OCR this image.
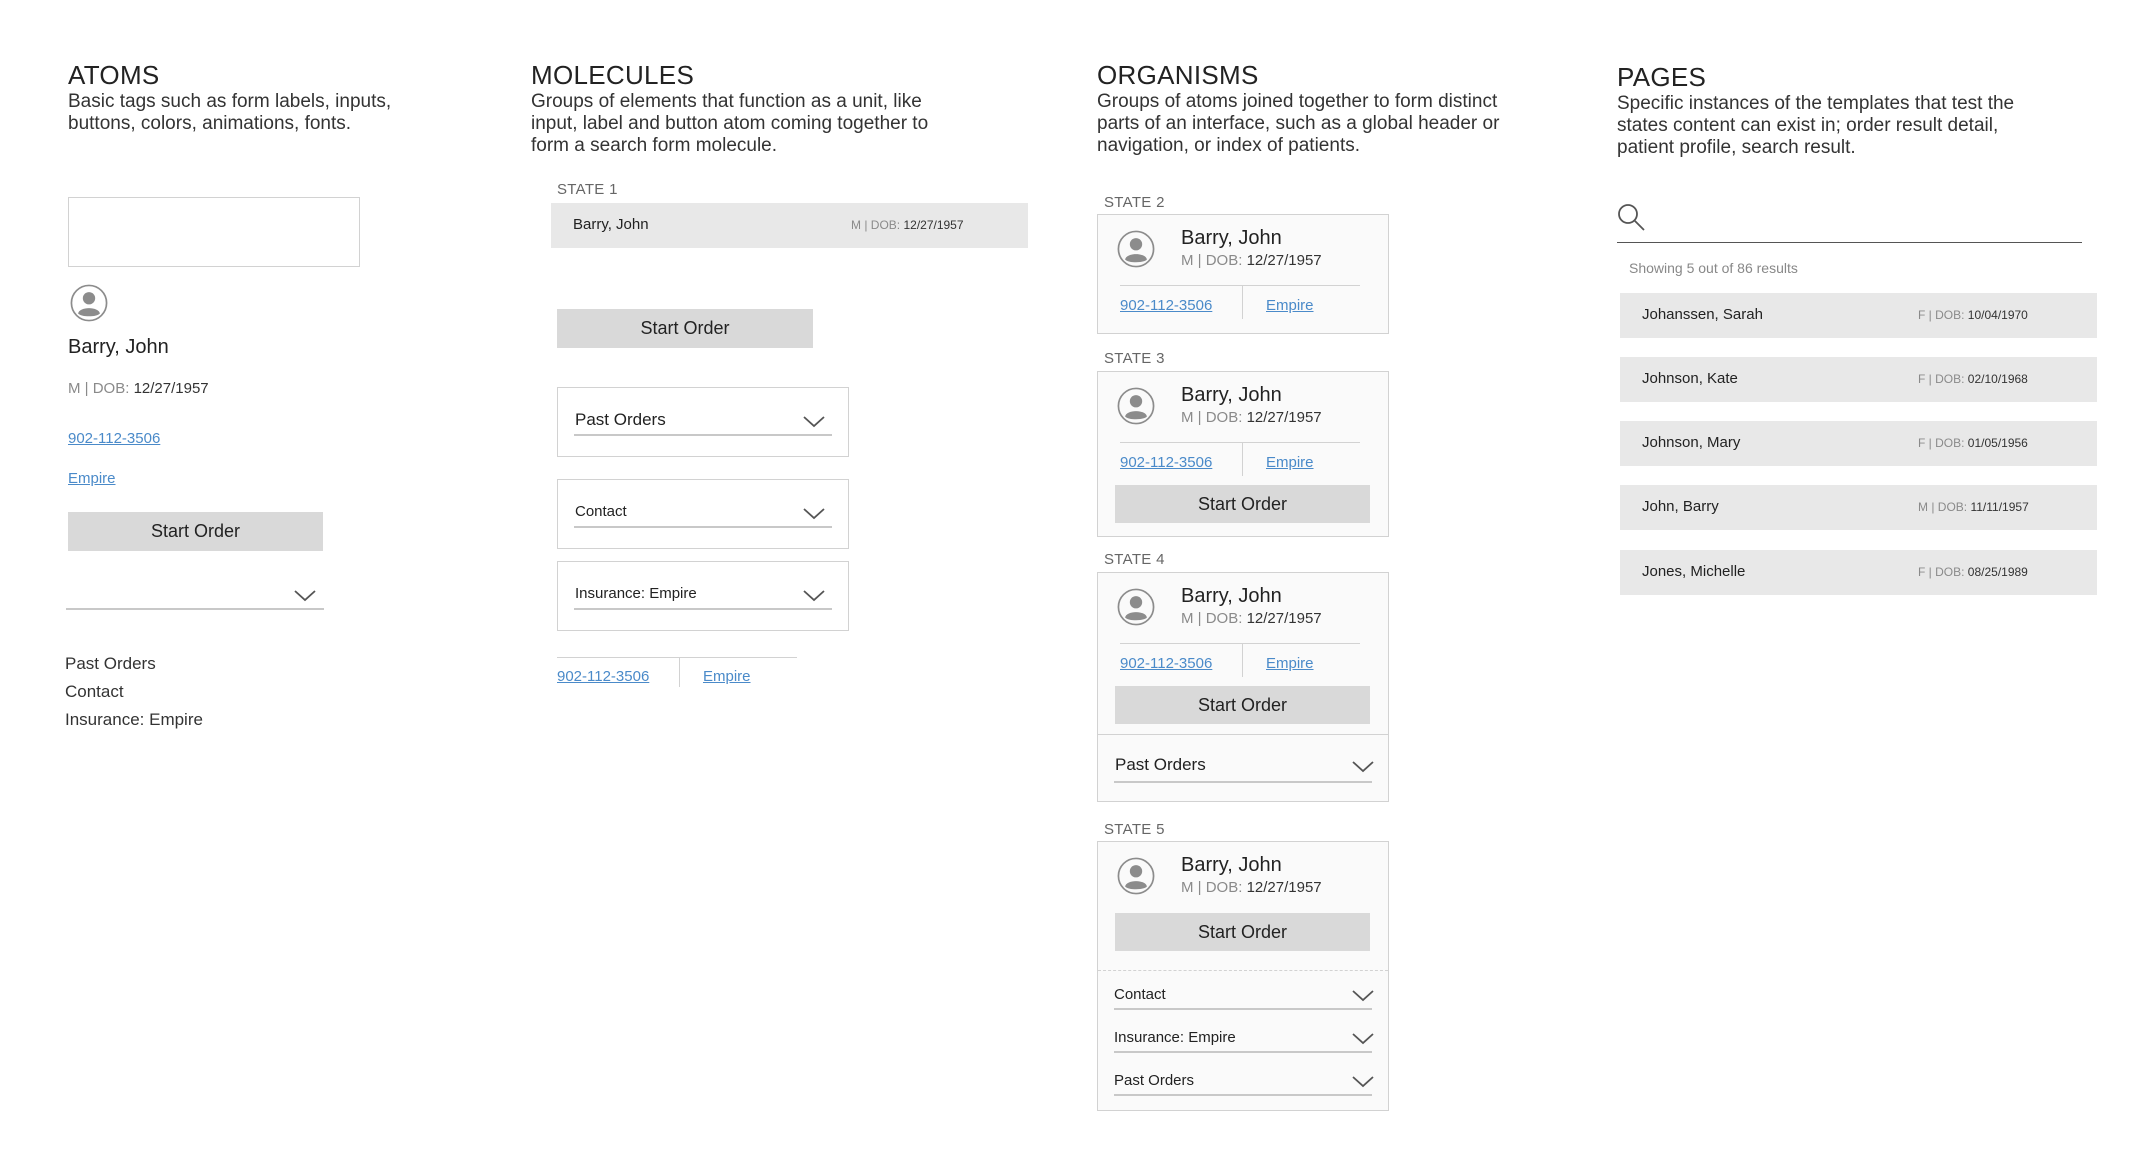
ATOMS
Basic tags such as form labels, inputs, buttons, colors, animations, fonts.
Barry, John
M | DOB: 12/27/1957
902-112-3506
Empire
Start Order
Past Orders
Contact
Insurance: Empire
MOLECULES
Groups of elements that function as a unit, like input, label and button atom coming together to form a search form molecule.
STATE 1
Barry, John	M | DOB: 12/27/1957
Start Order
Past Orders
Contact
Insurance: Empire
902-112-3506	Empire
ORGANISMS
Groups of atoms joined together to form distinct parts of an interface, such as a global header or navigation, or index of patients.
STATE 2
Barry, John
M | DOB: 12/27/1957
902-112-3506	Empire
STATE 3
Barry, John
M | DOB: 12/27/1957
902-112-3506	Empire
Start Order
STATE 4
Barry, John
M | DOB: 12/27/1957
902-112-3506	Empire
Start Order
Past Orders
STATE 5
Barry, John
M | DOB: 12/27/1957
Start Order
Contact
Insurance: Empire
Past Orders
PAGES
Specific instances of the templates that test the states content can exist in; order result detail, patient profile, search result.
Showing 5 out of 86 results
Johanssen, Sarah	F | DOB: 10/04/1970
Johnson, Kate	F | DOB: 02/10/1968
Johnson, Mary	F | DOB: 01/05/1956
John, Barry	M | DOB: 11/11/1957
Jones, Michelle	F | DOB: 08/25/1989
